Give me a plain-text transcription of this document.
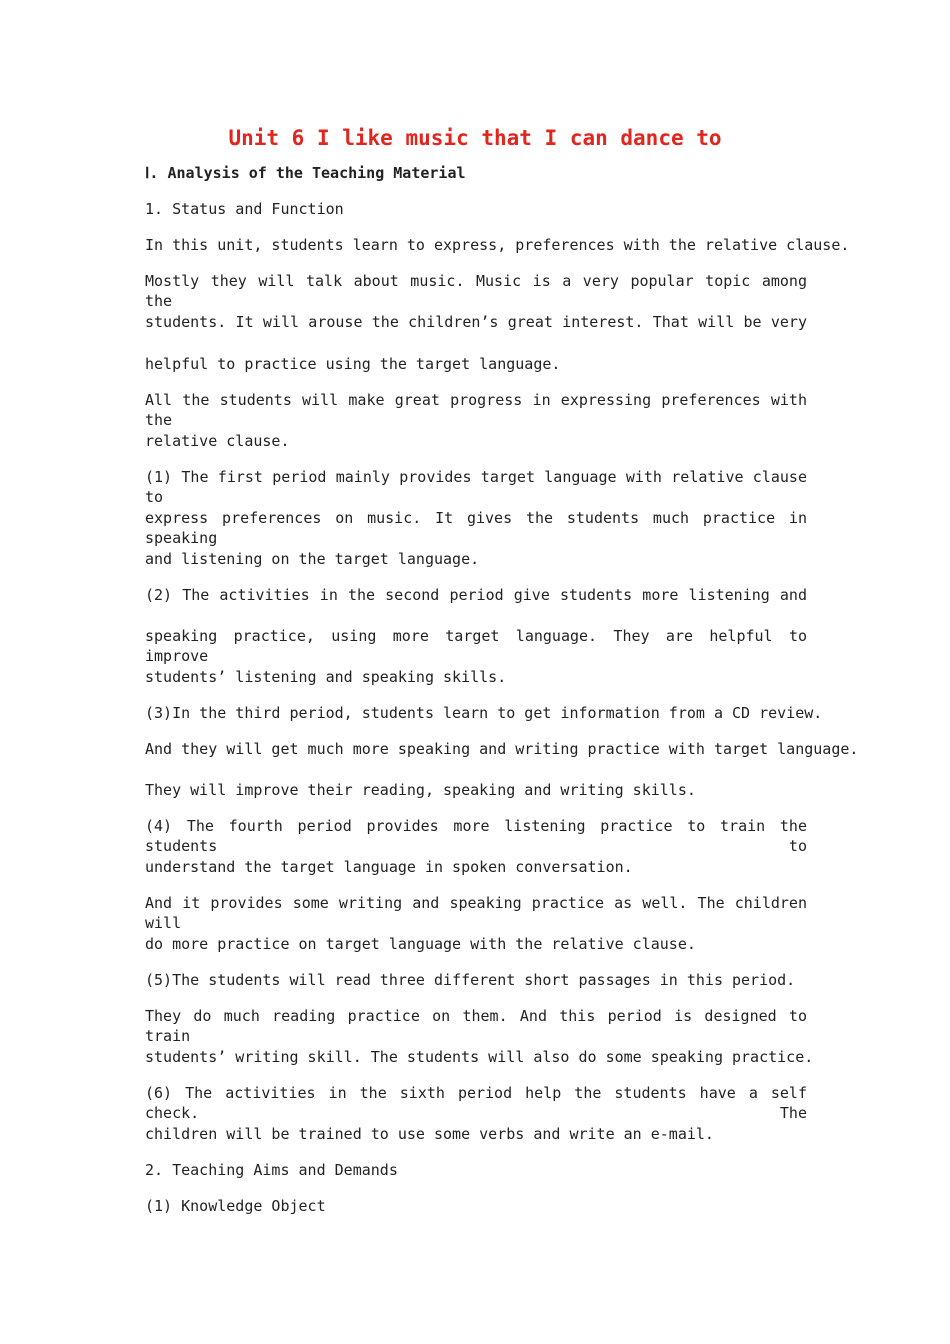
Unit 6 I like music that I can dance to

Ⅰ. Analysis of the Teaching Material

1. Status and Function

In this unit, students learn to express, preferences with the relative clause.

Mostly they will talk about music. Music is a very popular topic among the

students. It will arouse the children’s great interest. That will be very

helpful to practice using the target language.

All the students will make great progress in expressing preferences with the

relative clause.

(1) The first period mainly provides target language with relative clause to

express preferences on music. It gives the students much practice in speaking

and listening on the target language.

(2) The activities in the second period give students more listening and

speaking practice, using more target language. They are helpful to improve

students’ listening and speaking skills.

(3)In the third period, students learn to get information from a CD review.

And they will get much more speaking and writing practice with target language.

They will improve their reading, speaking and writing skills.

(4) The fourth period provides more listening practice to train the students to

understand the target language in spoken conversation.

And it provides some writing and speaking practice as well. The children will

do more practice on target language with the relative clause.

(5)The students will read three different short passages in this period.

They do much reading practice on them. And this period is designed to train

students’ writing skill. The students will also do some speaking practice.

(6) The activities in the sixth period help the students have a self check. The

children will be trained to use some verbs and write an e-mail.

2. Teaching Aims and Demands

(1) Knowledge Object
